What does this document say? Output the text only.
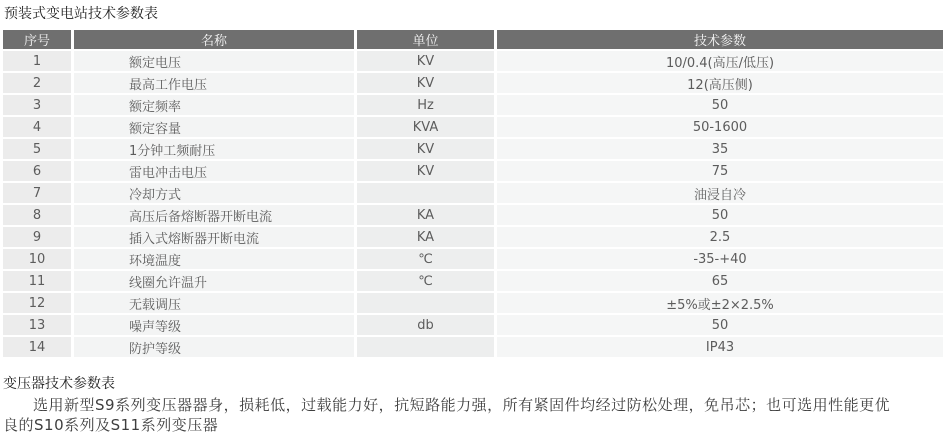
预装式变电站技术参数表
序号	名称	单位	技术参数
1	额定电压	KV	10/0.4(高压/低压)
2	最高工作电压	KV	12(高压侧)
3	额定频率	Hz	50
4	额定容量	KVA	50-1600
5	1分钟工频耐压	KV	35
6	雷电冲击电压	KV	75
7	冷却方式		油浸自冷
8	高压后备熔断器开断电流	KA	50
9	插入式熔断器开断电流	KA	2.5
10	环境温度	℃	-35-+40
11	线圈允许温升	℃	65
12	无载调压		±5%或±2×2.5%
13	噪声等级	db	50
14	防护等级		IP43
变压器技术参数表
选用新型S9系列变压器器身，损耗低，过载能力好，抗短路能力强，所有紧固件均经过防松处理，免吊芯；也可选用性能更优
良的S10系列及S11系列变压器
